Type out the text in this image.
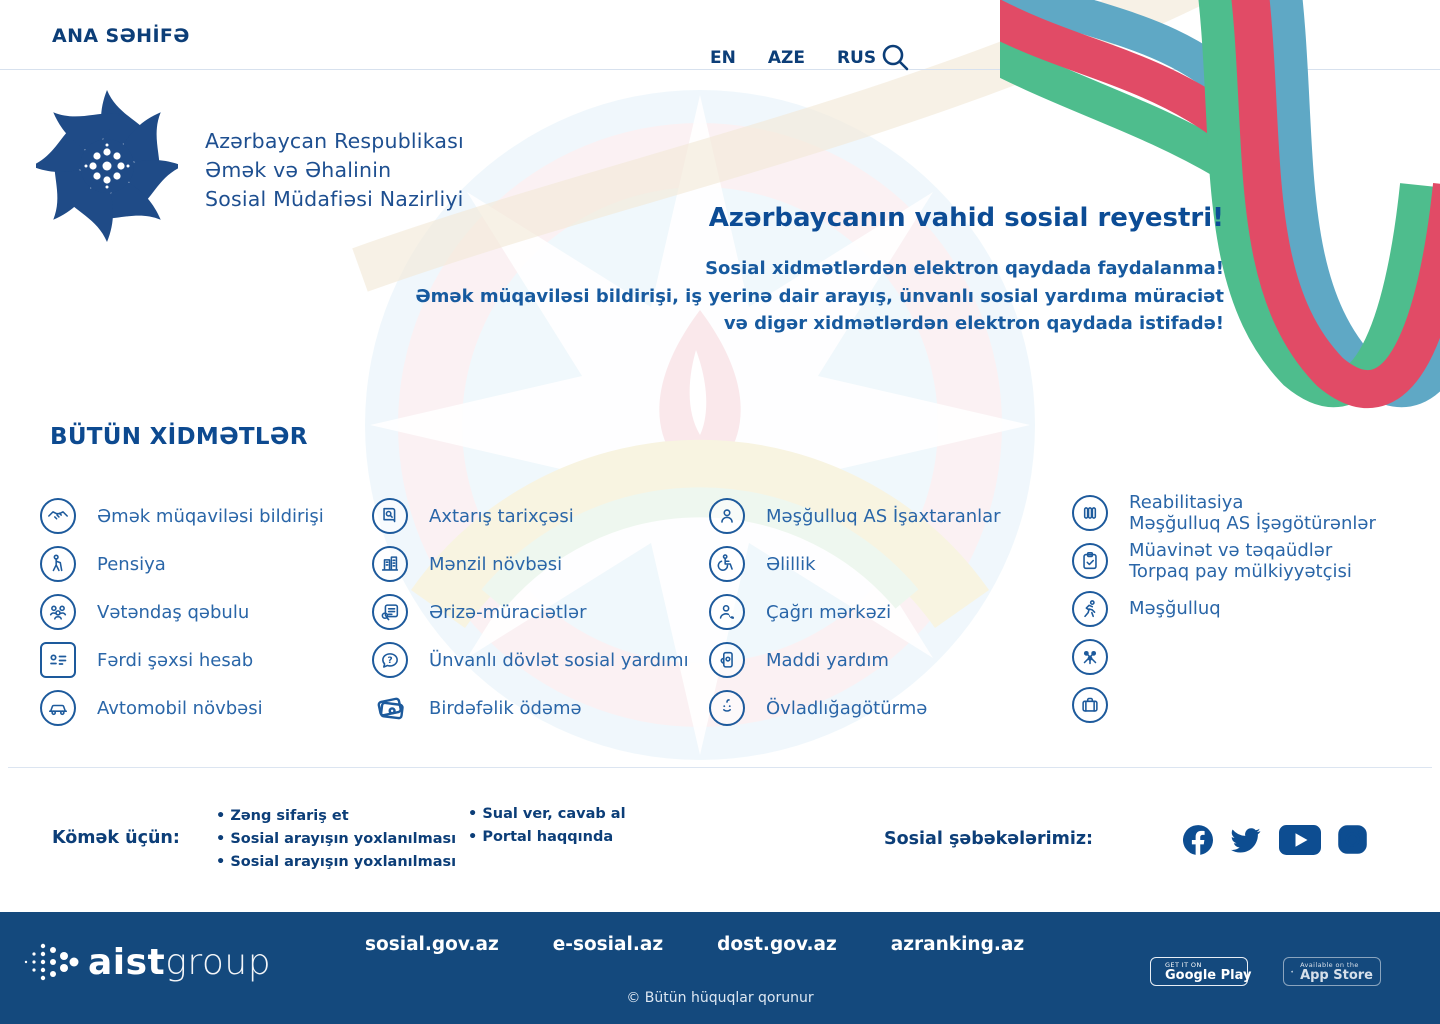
ANA SƏHİFƏ
EN AZE RUS
Azərbaycan Respublikası
Əmək və Əhalinin
Sosial Müdafiəsi Nazirliyi
Azərbaycanın vahid sosial reyestri!
Sosial xidmətlərdən elektron qaydada faydalanma!
Əmək müqaviləsi bildirişi, iş yerinə dair arayış, ünvanlı sosial yardıma müraciət
və digər xidmətlərdən elektron qaydada istifadə!
BÜTÜN XİDMƏTLƏR
Əmək müqaviləsi bildirişi
Pensiya
Vətəndaş qəbulu
Fərdi şəxsi hesab
Avtomobil növbəsi
Axtarış tarixçəsi
Mənzil növbəsi
Ərizə-müraciətlər
?	Ünvanlı dövlət sosial yardımı
Birdəfəlik ödəmə
Məşğulluq AS İşaxtaranlar
Əlillik
Çağrı mərkəzi
Maddi yardım
Övladlığagötürmə
Reabilitasiya
Məşğulluq AS İşəgötürənlər
Müavinət və təqaüdlər
Torpaq pay mülkiyyətçisi
Məşğulluq
Kömək üçün:
• Zəng sifariş et
• Sosial arayışın yoxlanılması
• Sosial arayışın yoxlanılması
• Sual ver, cavab al
• Portal haqqında	Sosial şəbəkələrimiz:
aist group	sosial.gov.az	e-sosial.az	dost.gov.az	azranking.az
© Bütün hüquqlar qorunur
GET IT ON
Google Play
Available on the
App Store
